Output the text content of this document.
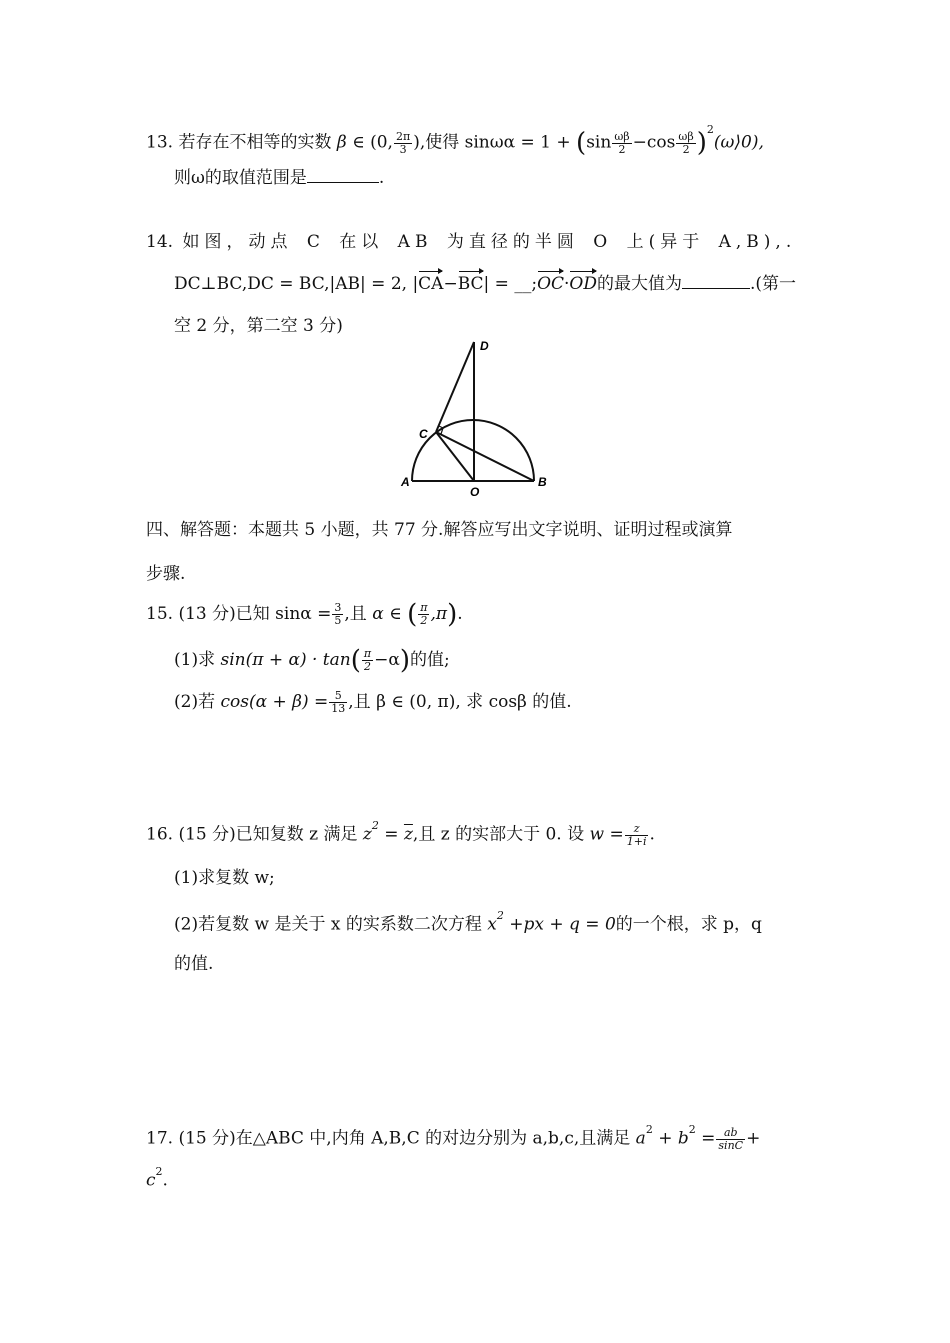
13. 若存在不相等的实数 β ∈ (0, $\frac{2\pi}{3}$ ),使得 $\sin\omega\alpha = 1 + (\sin \frac{\omega\beta}{2} -\cos \frac{\omega\beta}{2}$ )$^2(\omega⟩0)$,
则ω的取值范围是	.
14. 如图，动点 C 在以 AB 为直径的半圆 O 上(异于 A,B),.
DC⊥BC,DC = BC,|AB| = 2, |CA−BC| = __;OC·OD的最大值为	.(第一
空 2 分，第二空 3 分)
A	B
C
D
O
四、解答题：本题共 5 小题，共 77 分.解答应写出文字说明、证明过程或演算
步骤.
15. (13 分)已知 $\sin\alpha = \frac{3}{5}$ ,且 α ∈ ( $\frac{\pi}{2} ,\pi$).
(1)求 $\sin(\pi + \alpha) \cdot \tan( \frac{\pi}{2} -\alpha)$的值;
(2)若 $\cos(\alpha + \beta) = \frac{5}{13}$ ,且 β ∈ (0, π), 求 cosβ 的值.
16. (15 分)已知复数 z 满足 $z^2 = \overline{z}$,且 z 的实部大于 0. 设 $w = \frac{z}{1+i}$ .
(1)求复数 w;
(2)若复数 w 是关于 x 的实系数二次方程 $x^2 +px + q = 0$的一个根，求 p，q
的值.
17. (15 分)在△ABC 中,内角 A,B,C 的对边分别为 a,b,c,且满足 $a^2 + b^2 = \frac{ab}{\sin C}$ +
$c^2$.
